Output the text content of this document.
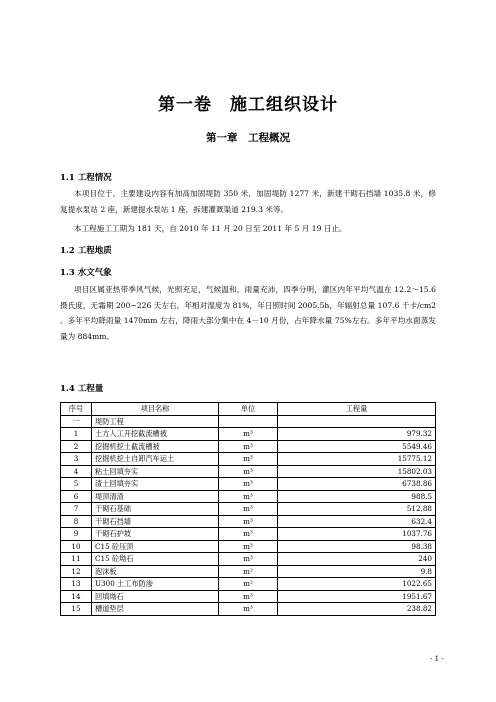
第一卷　施工组织设计
第一章　工程概况
1.1 工程情况
本项目位于，主要建设内容有加高加固堤防 350 米，加固堤防 1277 米，新建干砌石挡墙 1035.8 米，修复提水泵站 2 座，新建提水泵站 1 座，拆建灌溉渠道 219.3 米等。
本工程施工工期为 181 天，自 2010 年 11 月 20 日至 2011 年 5 月 19 日止。
1.2 工程地质
1.3 水文气象
项目区属亚热带季风气候，光照充足，气候温和，雨量充沛，四季分明，灌区内年平均气温在 12.2～15.6 摄氏度，无霜期 200~226 天左右，年相对湿度为 81%，年日照时间 2005.5h，年辐射总量 107.6 千卡/cm2 。多年平均降雨量 1470mm 左右，降雨大部分集中在 4－10 月份，占年降水量 75%左右。多年平均水面蒸发量为 884mm。
1.4 工程量
序号	项目名称	单位	工程量
一	堤防工程		
1	土方人工开挖截流槽被	m³	979.32
2	挖掘机挖土截流槽被	m³	5549.46
3	挖掘机挖土自卸汽车运土	m³	15775.12
4	粘土回填夯实	m³	15802.03
5	渣土回填夯实	m³	6738.86
6	堤顶清渣	m³	988.5
7	干砌石基础	m³	512.88
8	干砌石挡墙	m³	632.4
9	干砌石护坡	m³	1037.76
10	C15 砼压顶	m³	98.38
11	C15 砼坳石	m³	240
12	泡沫板	m²	9.8
13	U300 土工布防渗	m²	1022.65
14	回填坳石	m³	1951.67
15	槽道垫层	m³	238.82
- 1 -
